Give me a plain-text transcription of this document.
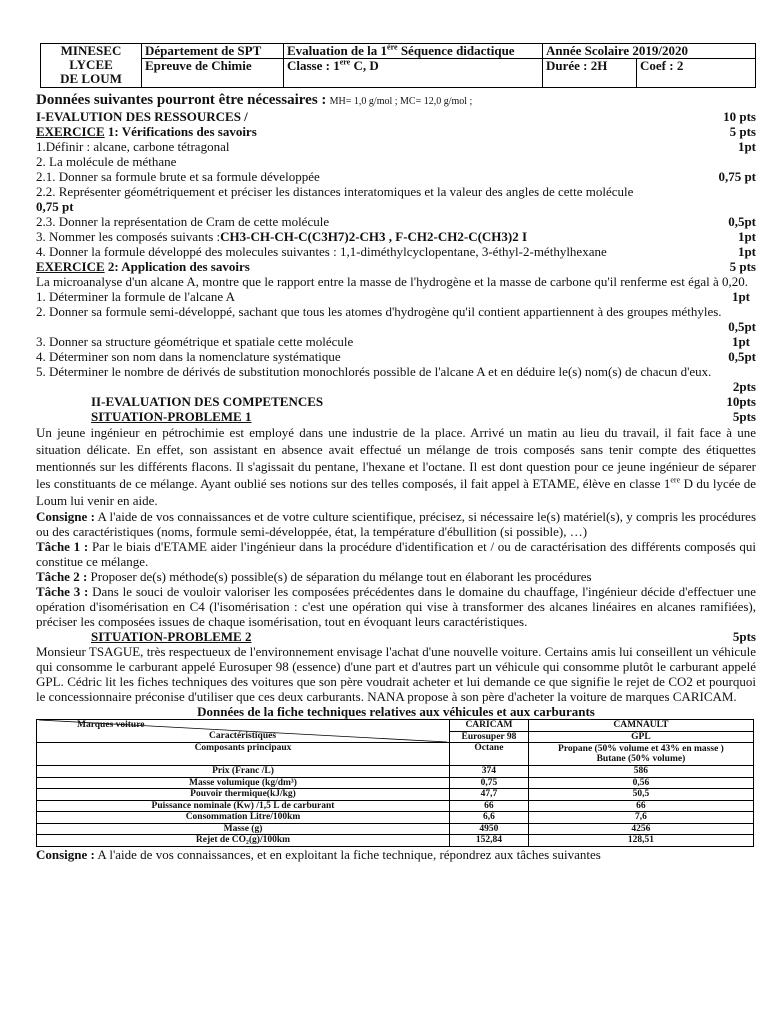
MINESEC
LYCEE
DE LOUM	Département de SPT	Evaluation de la 1ère Séquence didactique	Année Scolaire 2019/2020	
	Epreuve de Chimie	Classe : 1ere C, D	Durée : 2H	Coef : 2
Données suivantes pourront être nécessaires : MH= 1,0 g/mol ; MC= 12,0 g/mol ;
I-EVALUTION DES RESSOURCES /	10 pts
EXERCICE 1: Vérifications des savoirs	5 pts
1.Définir : alcane, carbone tétragonal	1pt
2. La molécule de méthane
2.1. Donner sa formule brute et sa formule développée	0,75 pt
2.2. Représenter géométriquement et préciser les distances interatomiques et la valeur des angles de cette molécule
0,75 pt
2.3. Donner la représentation de Cram de cette molécule	0,5pt
3. Nommer les composés suivants :CH3-CH-CH-C(C3H7)2-CH3 , F-CH2-CH2-C(CH3)2 I	1pt
4. Donner la formule développé des molecules suivantes : 1,1-diméthylcyclopentane, 3-éthyl-2-méthylhexane	1pt
EXERCICE 2: Application des savoirs	5 pts
La microanalyse d'un alcane A, montre que le rapport entre la masse de l'hydrogène et la masse de carbone qu'il renferme est égal à 0,20.
1. Déterminer la formule de l'alcane A	1pt
2. Donner sa formule semi-développé, sachant que tous les atomes d'hydrogène qu'il contient appartiennent à des groupes méthyles.
0,5pt
3. Donner sa structure géométrique et spatiale cette molécule	1pt
4. Déterminer son nom dans la nomenclature systématique	0,5pt
5. Déterminer le nombre de dérivés de substitution monochlorés possible de l'alcane A et en déduire le(s) nom(s) de chacun d'eux.
2pts
II-EVALUATION DES COMPETENCES	10pts
SITUATION-PROBLEME 1	5pts
Un jeune ingénieur en pétrochimie est employé dans une industrie de la place. Arrivé un matin au lieu du travail, il fait face à une situation délicate. En effet, son assistant en absence avait effectué un mélange de trois composés sans tenir compte des étiquettes mentionnés sur les différents flacons. Il s'agissait du pentane, l'hexane et l'octane. Il est dont question pour ce jeune ingénieur de séparer les constituants de ce mélange. Ayant oublié ses notions sur des telles composés, il fait appel à ETAME, élève en classe 1ere D du lycée de Loum lui venir en aide.
Consigne : A l'aide de vos connaissances et de votre culture scientifique, précisez, si nécessaire le(s) matériel(s), y compris les procédures ou des caractéristiques (noms, formule semi-développée, état, la température d'ébullition (si possible), …)
Tâche 1 : Par le biais d'ETAME aider l'ingénieur dans la procédure d'identification et / ou de caractérisation des différents composés qui constitue ce mélange.
Tâche 2 : Proposer de(s) méthode(s) possible(s) de séparation du mélange tout en élaborant les procédures
Tâche 3 : Dans le souci de vouloir valoriser les composées précédentes dans le domaine du chauffage, l'ingénieur décide d'effectuer une opération d'isomérisation en C4 (l'isomérisation : c'est une opération qui vise à transformer des alcanes linéaires en alcanes ramifiées), préciser les composées issues de chaque isomérisation, tout en évoquant leurs caractéristiques.
SITUATION-PROBLEME 2	5pts
Monsieur TSAGUE, très respectueux de l'environnement envisage l'achat d'une nouvelle voiture. Certains amis lui conseillent un véhicule qui consomme le carburant appelé Eurosuper 98 (essence) d'une part et d'autres part un véhicule qui consomme plutôt le carburant appelé GPL. Cédric lit les fiches techniques des voitures que son père voudrait acheter et lui demande ce que signifie le rejet de CO2 et pourquoi le concessionnaire préconise d'utiliser que ces deux carburants. NANA propose à son père d'acheter la voiture de marques CARICAM.
Données de la fiche techniques relatives aux véhicules et aux carburants
Marques voiture
Caractéristiques	CARICAM	CAMNAULT
	Eurosuper 98	GPL
Composants principaux	Octane	Propane (50% volume et 43% en masse )
Butane (50% volume)
Prix (Franc /L)	374	586
Masse volumique (kg/dm³)	0,75	0,56
Pouvoir thermique(kJ/kg)	47,7	50,5
Puissance nominale (Kw) /1,5 L de carburant	66	66
Consommation Litre/100km	6,6	7,6
Masse (g)	4950	4256
Rejet de CO₂(g)/100km	152,84	128,51
Consigne : A l'aide de vos connaissances, et en exploitant la fiche technique, répondrez aux tâches suivantes
